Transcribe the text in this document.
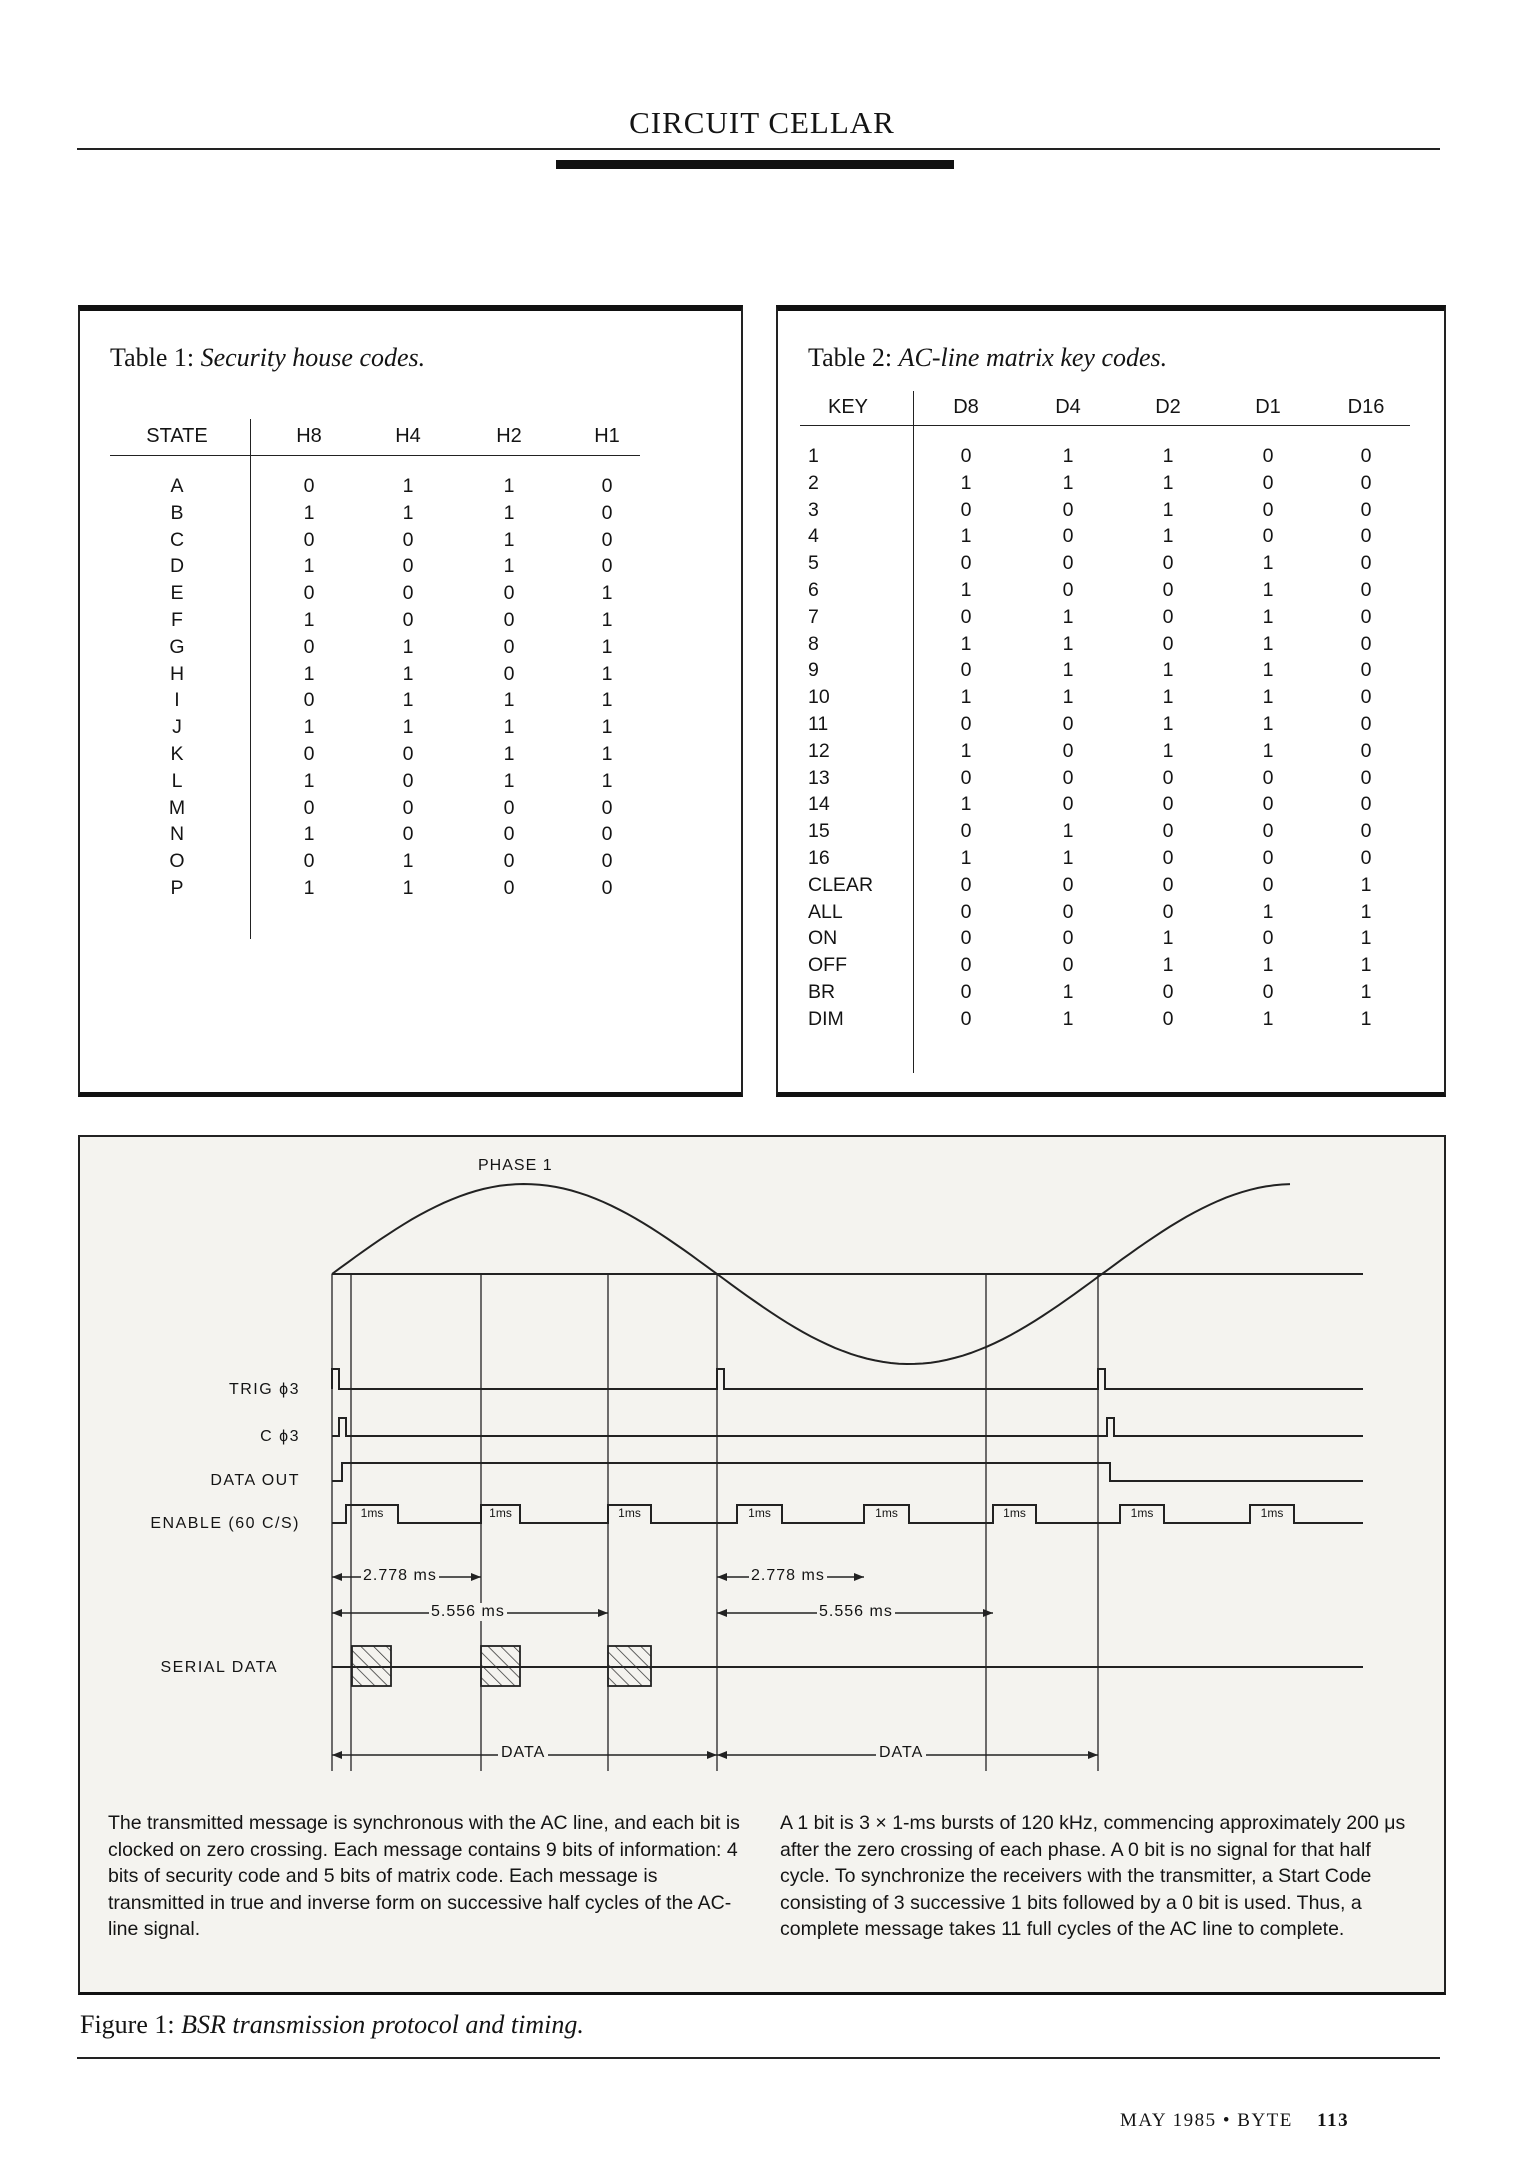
CIRCUIT CELLAR
Table 1: Security house codes.
STATE	H8	H4	H2	H1
A	0	1	1	0
B	1	1	1	0
C	0	0	1	0
D	1	0	1	0
E	0	0	0	1
F	1	0	0	1
G	0	1	0	1
H	1	1	0	1
I	0	1	1	1
J	1	1	1	1
K	0	0	1	1
L	1	0	1	1
M	0	0	0	0
N	1	0	0	0
O	0	1	0	0
P	1	1	0	0
Table 2: AC-line matrix key codes.
KEY	D8	D4	D2	D1	D16
1	0	1	1	0	0
2	1	1	1	0	0
3	0	0	1	0	0
4	1	0	1	0	0
5	0	0	0	1	0
6	1	0	0	1	0
7	0	1	0	1	0
8	1	1	0	1	0
9	0	1	1	1	0
10	1	1	1	1	0
11	0	0	1	1	0
12	1	0	1	1	0
13	0	0	0	0	0
14	1	0	0	0	0
15	0	1	0	0	0
16	1	1	0	0	0
CLEAR	0	0	0	0	1
ALL	0	0	0	1	1
ON	0	0	1	0	1
OFF	0	0	1	1	1
BR	0	1	0	0	1
DIM	0	1	0	1	1
PHASE 1
TRIG ϕ3
C ϕ3
DATA OUT
ENABLE (60 C/S)
SERIAL DATA
1ms	1ms	1ms	1ms	1ms	1ms	1ms	1ms
2.778 ms	2.778 ms
5.556 ms	5.556 ms
DATA	DATA
The transmitted message is synchronous with the AC line, and each bit is clocked on zero crossing. Each message contains 9 bits of information: 4 bits of security code and 5 bits of matrix code. Each message is transmitted in true and inverse form on successive half cycles of the AC-line signal.
A 1 bit is 3 × 1-ms bursts of 120 kHz, commencing approximately 200 μs after the zero crossing of each phase. A 0 bit is no signal for that half cycle. To synchronize the receivers with the transmitter, a Start Code consisting of 3 successive 1 bits followed by a 0 bit is used. Thus, a complete message takes 11 full cycles of the AC line to complete.
Figure 1: BSR transmission protocol and timing.
MAY 1985 • BYTE 113
